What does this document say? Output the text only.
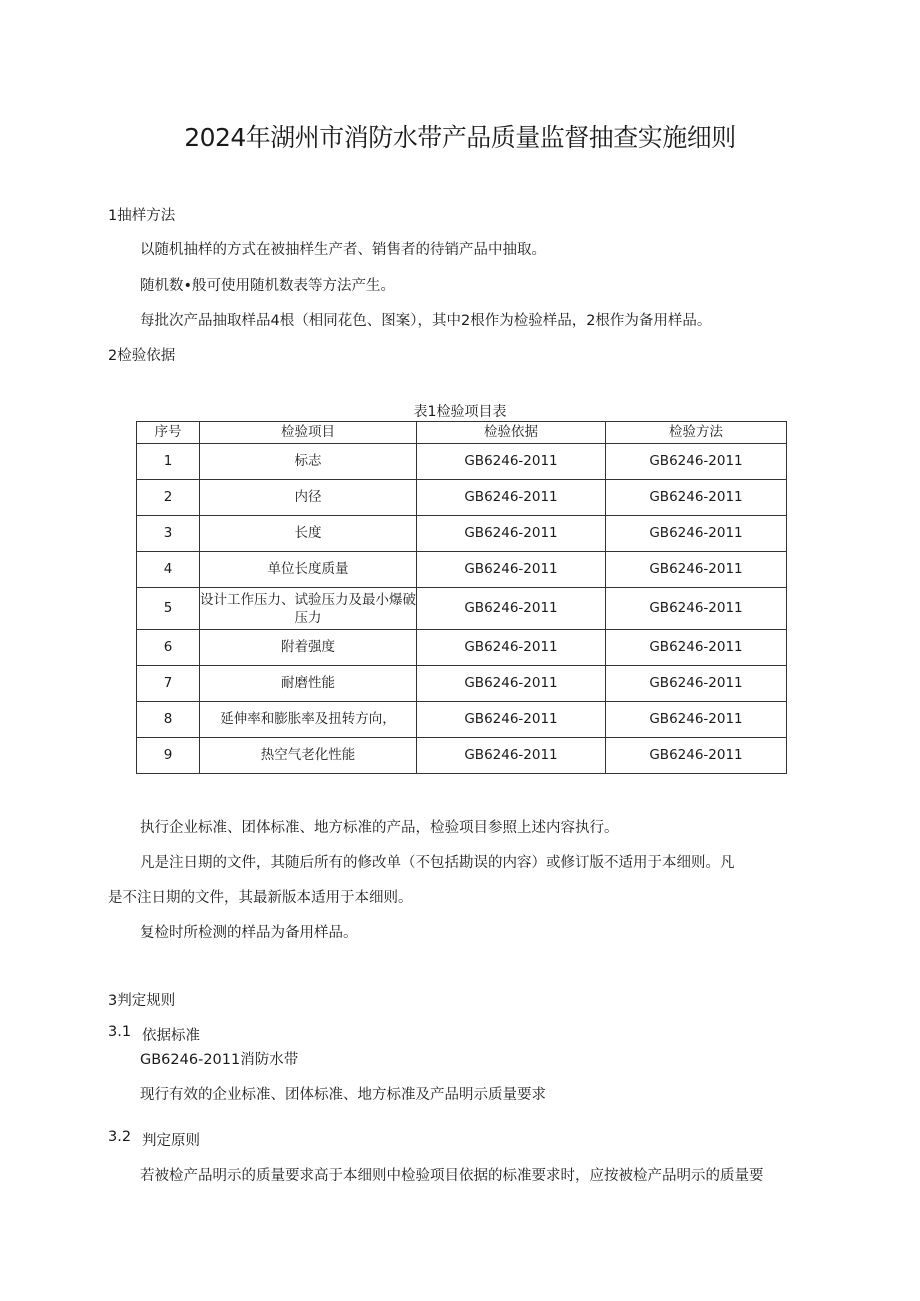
2024年湖州市消防水带产品质量监督抽查实施细则
1抽样方法
以随机抽样的方式在被抽样生产者、销售者的待销产品中抽取。
随机数•般可使用随机数表等方法产生。
每批次产品抽取样品4根（相同花色、图案），其中2根作为检验样品，2根作为备用样品。
2检验依据
表1检验项目表
序号	检验项目	检验依据	检验方法
1	标志	GB6246-2011	GB6246-2011
2	内径	GB6246-2011	GB6246-2011
3	长度	GB6246-2011	GB6246-2011
4	单位长度质量	GB6246-2011	GB6246-2011
5	设计工作压力、试验压力及最小爆破压力	GB6246-2011	GB6246-2011
6	附着强度	GB6246-2011	GB6246-2011
7	耐磨性能	GB6246-2011	GB6246-2011
8	延伸率和膨胀率及扭转方向，	GB6246-2011	GB6246-2011
9	热空气老化性能	GB6246-2011	GB6246-2011
执行企业标准、团体标准、地方标准的产品，检验项目参照上述内容执行。
凡是注日期的文件，其随后所有的修改单（不包括勘误的内容）或修订版不适用于本细则。凡
是不注日期的文件，其最新版本适用于本细则。
复检时所检测的样品为备用样品。
3判定规则
3.1 依据标准
GB6246-2011消防水带
现行有效的企业标准、团体标准、地方标准及产品明示质量要求
3.2 判定原则
若被检产品明示的质量要求高于本细则中检验项目依据的标准要求时，应按被检产品明示的质量要
